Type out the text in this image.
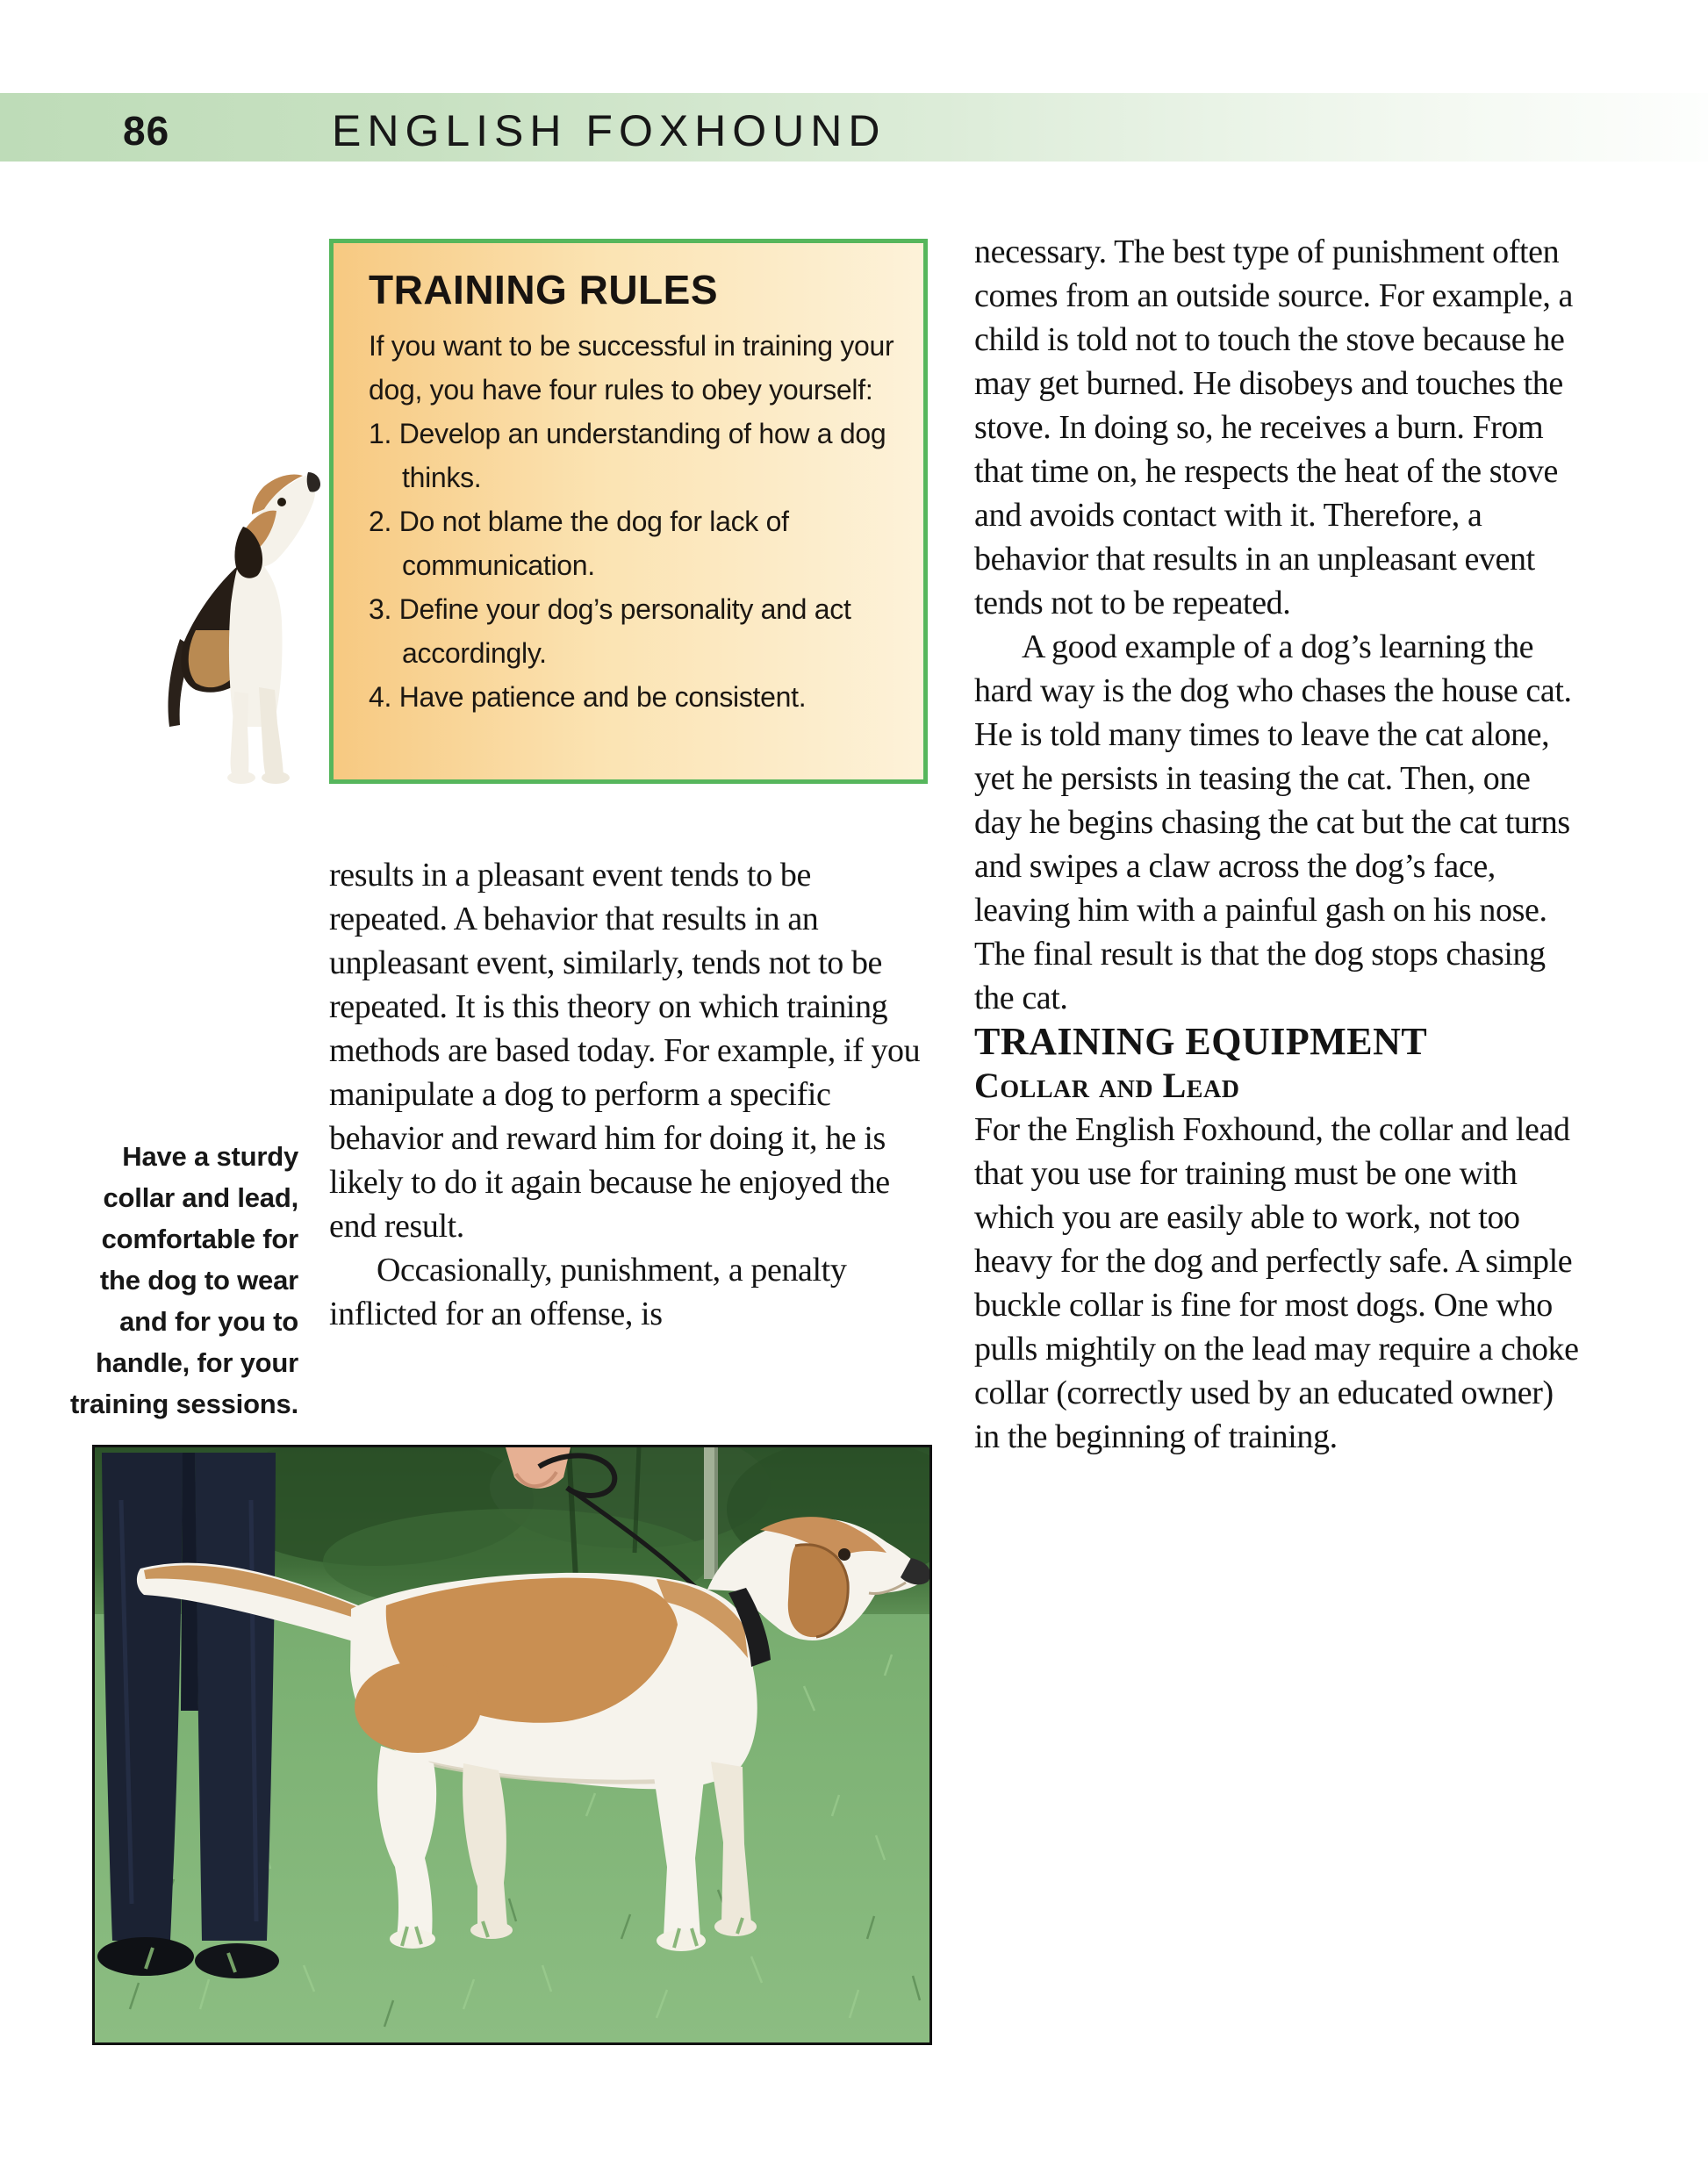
86	ENGLISH FOXHOUND
TRAINING RULES
If you want to be successful in training your dog, you have four rules to obey yourself:
1. Develop an understanding of how a dog thinks.
2. Do not blame the dog for lack of communication.
3. Define your dog’s personality and act accordingly.
4. Have patience and be consistent.

results in a pleasant event tends to be repeated. A behavior that results in an unpleasant event, similarly, tends not to be repeated. It is this theory on which training methods are based today. For example, if you manipulate a dog to perform a specific behavior and reward him for doing it, he is likely to do it again because he enjoyed the end result.

Occasionally, punishment, a penalty inflicted for an offense, is

Have a sturdy
collar and lead,
comfortable for
the dog to wear
and for you to
handle, for your
training sessions.

necessary. The best type of punishment often comes from an outside source. For example, a child is told not to touch the stove because he may get burned. He disobeys and touches the stove. In doing so, he receives a burn. From that time on, he respects the heat of the stove and avoids contact with it. Therefore, a behavior that results in an unpleasant event tends not to be repeated.

A good example of a dog’s learning the hard way is the dog who chases the house cat. He is told many times to leave the cat alone, yet he persists in teasing the cat. Then, one day he begins chasing the cat but the cat turns and swipes a claw across the dog’s face, leaving him with a painful gash on his nose. The final result is that the dog stops chasing the cat.

TRAINING EQUIPMENT

Collar and Lead

For the English Foxhound, the collar and lead that you use for training must be one with which you are easily able to work, not too heavy for the dog and perfectly safe. A simple buckle collar is fine for most dogs. One who pulls mightily on the lead may require a choke collar (correctly used by an educated owner) in the beginning of training.
